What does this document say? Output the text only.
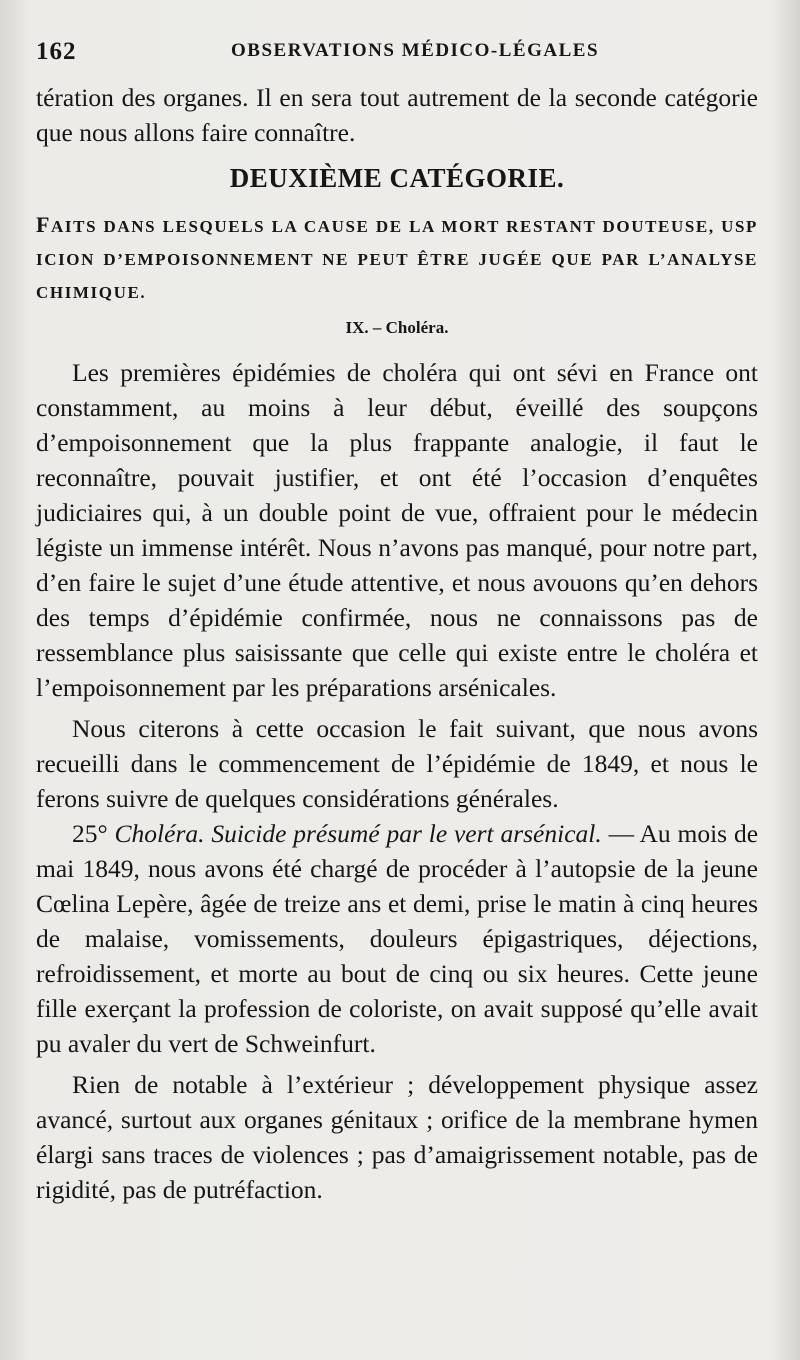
162	OBSERVATIONS MÉDICO-LÉGALES

tération des organes. Il en sera tout autrement de la seconde catégorie que nous allons faire connaître.

DEUXIÈME CATÉGORIE.

FAITS DANS LESQUELS LA CAUSE DE LA MORT RESTANT DOUTEUSE, USP ICION D’EMPOISONNEMENT NE PEUT ÊTRE JUGÉE QUE PAR L’ANALYSE CHIMIQUE.

IX. – Choléra.

Les premières épidémies de choléra qui ont sévi en France ont constamment, au moins à leur début, éveillé des soupçons d’empoisonnement que la plus frappante analogie, il faut le reconnaître, pouvait justifier, et ont été l’occasion d’enquêtes judiciaires qui, à un double point de vue, offraient pour le médecin légiste un immense intérêt. Nous n’avons pas manqué, pour notre part, d’en faire le sujet d’une étude attentive, et nous avouons qu’en dehors des temps d’épidémie confirmée, nous ne connaissons pas de ressemblance plus saisissante que celle qui existe entre le choléra et l’empoisonnement par les préparations arsénicales.

Nous citerons à cette occasion le fait suivant, que nous avons recueilli dans le commencement de l’épidémie de 1849, et nous le ferons suivre de quelques considérations générales.

25° Choléra. Suicide présumé par le vert arsénical. — Au mois de mai 1849, nous avons été chargé de procéder à l’autopsie de la jeune Cœlina Lepère, âgée de treize ans et demi, prise le matin à cinq heures de malaise, vomissements, douleurs épigastriques, déjections, refroidissement, et morte au bout de cinq ou six heures. Cette jeune fille exerçant la profession de coloriste, on avait supposé qu’elle avait pu avaler du vert de Schweinfurt.

Rien de notable à l’extérieur ; développement physique assez avancé, surtout aux organes génitaux ; orifice de la membrane hymen élargi sans traces de violences ; pas d’amaigrissement notable, pas de rigidité, pas de putréfaction.
